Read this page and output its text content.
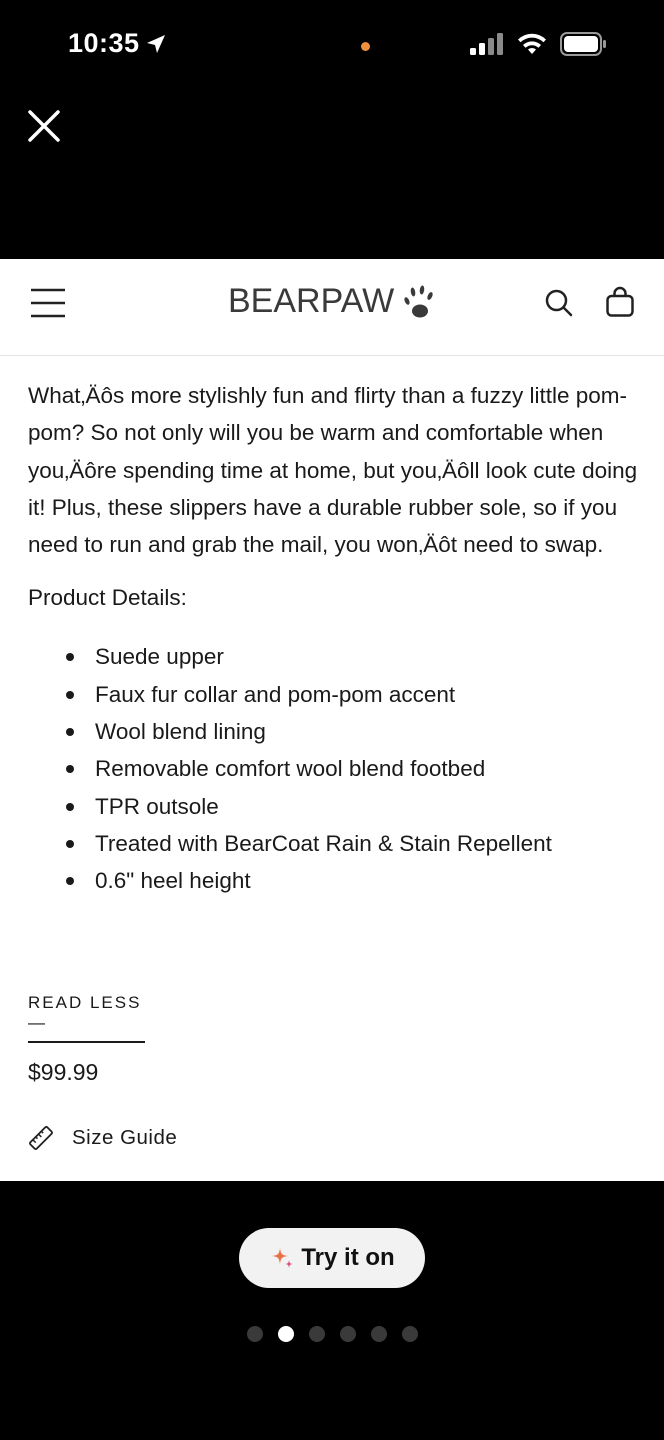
10:35
BEARPAW

What‚Äôs more stylishly fun and flirty than a fuzzy little pom-pom? So not only will you be warm and comfortable when you‚Äôre spending time at home, but you‚Äôll look cute doing it! Plus, these slippers have a durable rubber sole, so if you need to run and grab the mail, you won‚Äôt need to swap.

Product Details:

Suede upper
Faux fur collar and pom-pom accent
Wool blend lining
Removable comfort wool blend footbed
TPR outsole
Treated with BearCoat Rain & Stain Repellent
0.6" heel height
READ LESS—
$99.99
Size Guide
Try it on
